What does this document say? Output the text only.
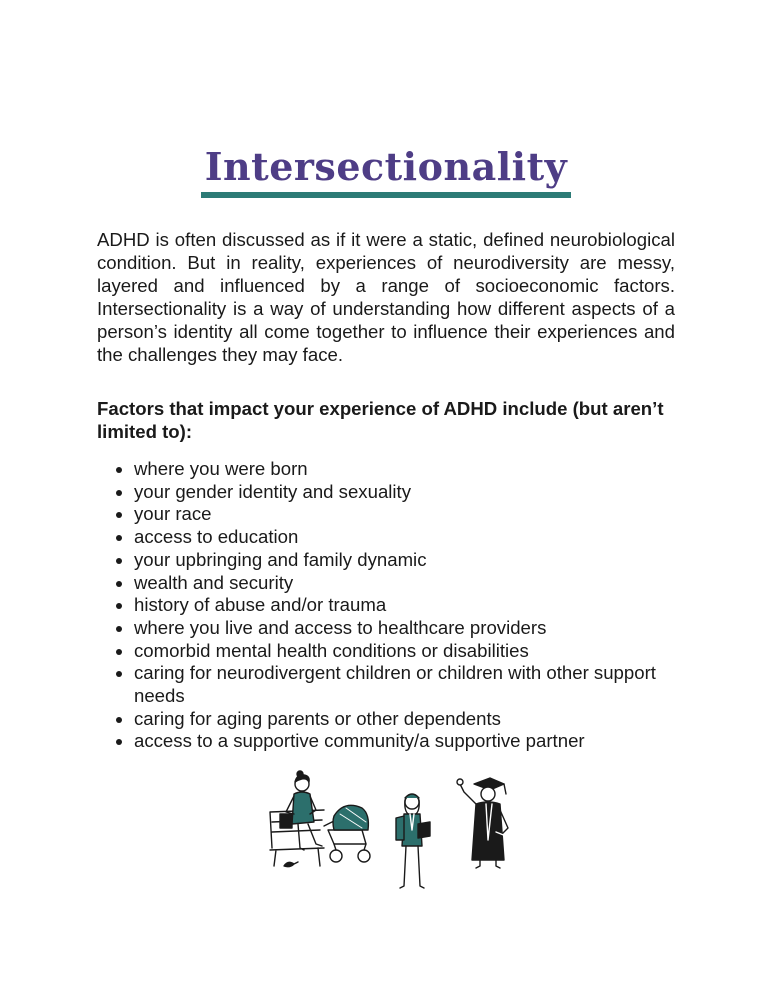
Intersectionality

ADHD is often discussed as if it were a static, defined neurobiological condition. But in reality, experiences of neurodiversity are messy, layered and influenced by a range of socioeconomic factors. Intersectionality is a way of understanding how different aspects of a person’s identity all come together to influence their experiences and the challenges they may face.

Factors that impact your experience of ADHD include (but aren’t limited to):

where you were born
your gender identity and sexuality
your race
access to education
your upbringing and family dynamic
wealth and security
history of abuse and/or trauma
where you live and access to healthcare providers
comorbid mental health conditions or disabilities
caring for neurodivergent children or children with other support needs
caring for aging parents or other dependents
access to a supportive community/a supportive partner
